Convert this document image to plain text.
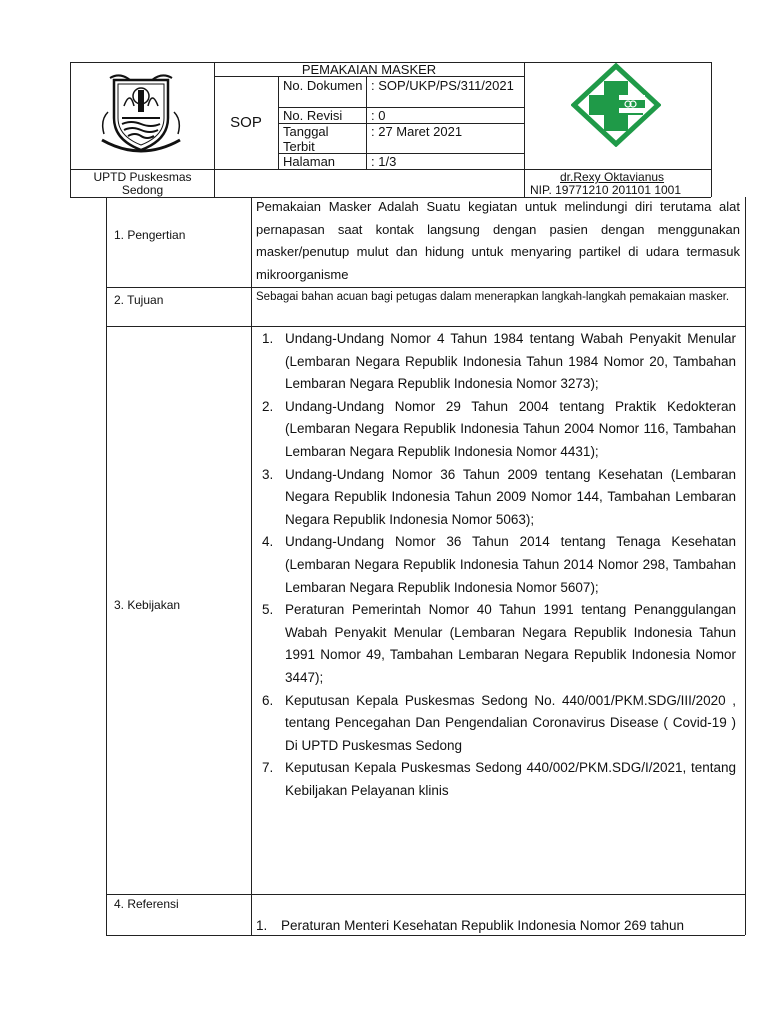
PEMAKAIAN MASKER
SOP
No. Dokumen : SOP/UKP/PS/311/2021
No. Revisi	: 0
Tanggal Terbit
: 27 Maret 2021
Halaman	: 1/3
UPTD Puskesmas Sedong
dr.Rexy Oktavianus
NIP. 19771210 201101 1001
1. Pengertian
2. Tujuan
3. Kebijakan
4. Referensi
Pemakaian Masker Adalah Suatu kegiatan untuk melindungi diri terutama alat pernapasan saat kontak langsung dengan pasien dengan menggunakan masker/penutup mulut dan hidung untuk menyaring partikel di udara termasuk mikroorganisme
Sebagai bahan acuan bagi petugas dalam menerapkan langkah-langkah pemakaian masker.
1. Undang-Undang Nomor 4 Tahun 1984 tentang Wabah Penyakit Menular (Lembaran Negara Republik Indonesia Tahun 1984 Nomor 20, Tambahan Lembaran Negara Republik Indonesia Nomor 3273);
2. Undang-Undang Nomor 29 Tahun 2004 tentang Praktik Kedokteran (Lembaran Negara Republik Indonesia Tahun 2004 Nomor 116, Tambahan Lembaran Negara Republik Indonesia Nomor 4431);
3. Undang-Undang Nomor 36 Tahun 2009 tentang Kesehatan (Lembaran Negara Republik Indonesia Tahun 2009 Nomor 144, Tambahan Lembaran Negara Republik Indonesia Nomor 5063);
4. Undang-Undang Nomor 36 Tahun 2014 tentang Tenaga Kesehatan (Lembaran Negara Republik Indonesia Tahun 2014 Nomor 298, Tambahan Lembaran Negara Republik Indonesia Nomor 5607);
5. Peraturan Pemerintah Nomor 40 Tahun 1991 tentang Penanggulangan Wabah Penyakit Menular (Lembaran Negara Republik Indonesia Tahun 1991 Nomor 49, Tambahan Lembaran Negara Republik Indonesia Nomor 3447);
6. Keputusan Kepala Puskesmas Sedong No. 440/001/PKM.SDG/III/2020 , tentang Pencegahan Dan Pengendalian Coronavirus Disease ( Covid-19 ) Di UPTD Puskesmas Sedong
7. Keputusan Kepala Puskesmas Sedong 440/002/PKM.SDG/I/2021, tentang Kebiljakan Pelayanan klinis
1. Peraturan Menteri Kesehatan Republik Indonesia Nomor 269 tahun
